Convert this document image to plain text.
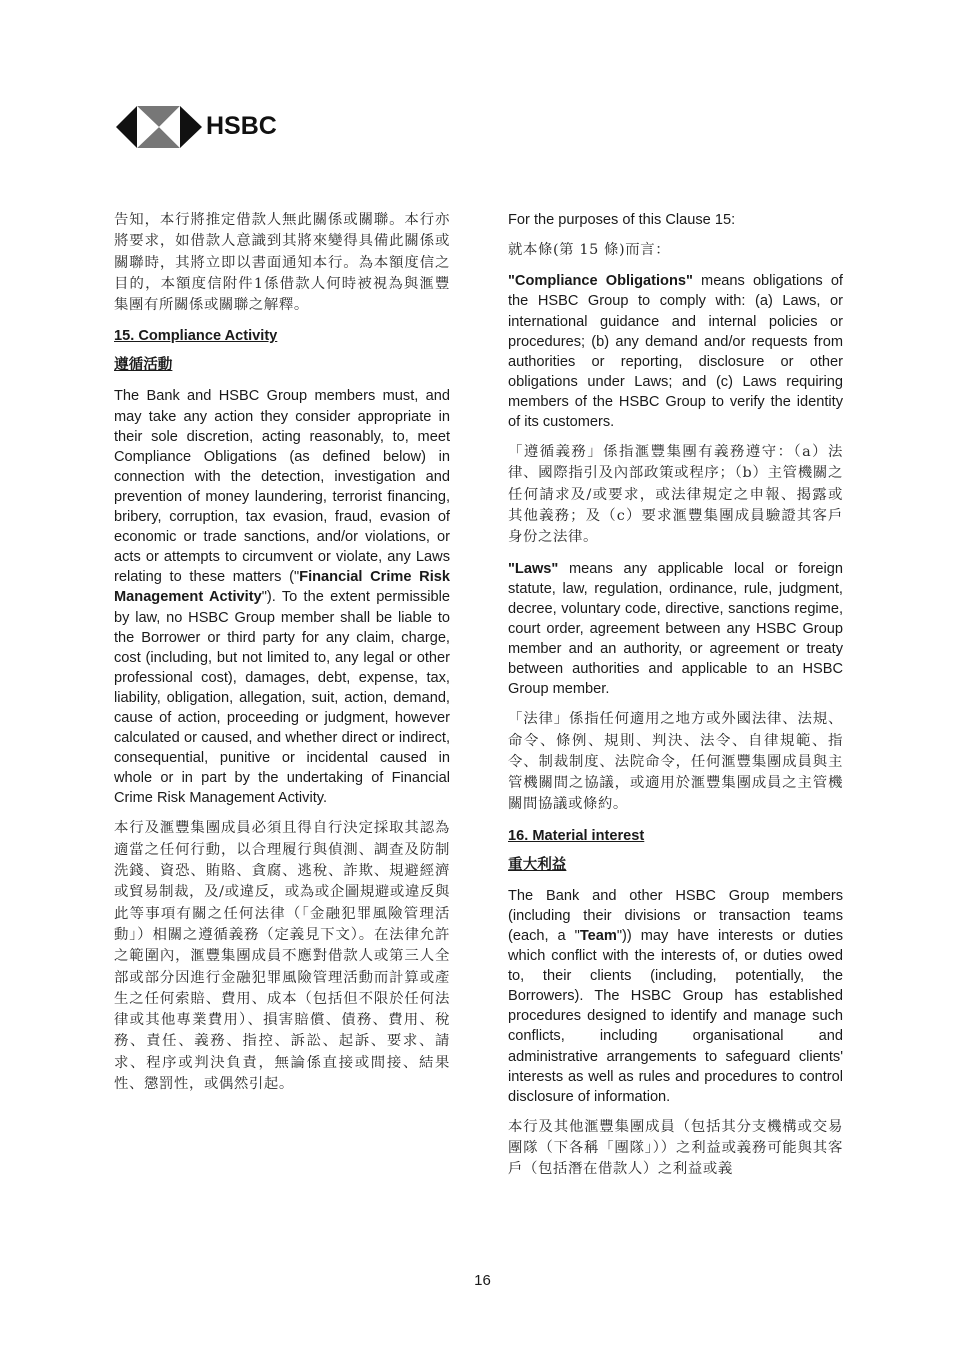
HSBC

告知，本行將推定借款人無此關係或關聯。本行亦將要求，如借款人意識到其將來變得具備此關係或關聯時，其將立即以書面通知本行。為本額度信之目的，本額度信附件1係借款人何時被視為與滙豐集團有所關係或關聯之解釋。

15. Compliance Activity

遵循活動

The Bank and HSBC Group members must, and may take any action they consider appropriate in their sole discretion, acting reasonably, to, meet Compliance Obligations (as defined below) in connection with the detection, investigation and prevention of money laundering, terrorist financing, bribery, corruption, tax evasion, fraud, evasion of economic or trade sanctions, and/or violations, or acts or attempts to circumvent or violate, any Laws relating to these matters ("Financial Crime Risk Management Activity"). To the extent permissible by law, no HSBC Group member shall be liable to the Borrower or third party for any claim, charge, cost (including, but not limited to, any legal or other professional cost), damages, debt, expense, tax, liability, obligation, allegation, suit, action, demand, cause of action, proceeding or judgment, however calculated or caused, and whether direct or indirect, consequential, punitive or incidental caused in whole or in part by the undertaking of Financial Crime Risk Management Activity.

本行及滙豐集團成員必須且得自行決定採取其認為適當之任何行動，以合理履行與偵測、調查及防制洗錢、資恐、賄賂、貪腐、逃稅、詐欺、規避經濟或貿易制裁，及/或違反，或為或企圖規避或違反與此等事項有關之任何法律（「金融犯罪風險管理活動」）相關之遵循義務（定義見下文）。在法律允許之範圍內，滙豐集團成員不應對借款人或第三人全部或部分因進行金融犯罪風險管理活動而計算或產生之任何索賠、費用、成本（包括但不限於任何法律或其他專業費用）、損害賠償、債務、費用、稅務、責任、義務、指控、訴訟、起訴、要求、請求、程序或判決負責，無論係直接或間接、結果性、懲罰性，或偶然引起。

For the purposes of this Clause 15:

就本條(第 15 條)而言：

"Compliance Obligations" means obligations of the HSBC Group to comply with: (a) Laws, or international guidance and internal policies or procedures; (b) any demand and/or requests from authorities or reporting, disclosure or other obligations under Laws; and (c) Laws requiring members of the HSBC Group to verify the identity of its customers.

「遵循義務」係指滙豐集團有義務遵守：（a）法律、國際指引及內部政策或程序；（b）主管機關之任何請求及/或要求，或法律規定之申報、揭露或其他義務；及（c）要求滙豐集團成員驗證其客戶身份之法律。

"Laws" means any applicable local or foreign statute, law, regulation, ordinance, rule, judgment, decree, voluntary code, directive, sanctions regime, court order, agreement between any HSBC Group member and an authority, or agreement or treaty between authorities and applicable to an HSBC Group member.

「法律」係指任何適用之地方或外國法律、法規、命令、條例、規則、判決、法令、自律規範、指令、制裁制度、法院命令，任何滙豐集團成員與主管機關間之協議，或適用於滙豐集團成員之主管機關間協議或條約。

16. Material interest

重大利益

The Bank and other HSBC Group members (including their divisions or transaction teams (each, a "Team")) may have interests or duties which conflict with the interests of, or duties owed to, their clients (including, potentially, the Borrowers). The HSBC Group has established procedures designed to identify and manage such conflicts, including organisational and administrative arrangements to safeguard clients' interests as well as rules and procedures to control disclosure of information.

本行及其他滙豐集團成員（包括其分支機構或交易團隊（下各稱「團隊」））之利益或義務可能與其客戶（包括潛在借款人）之利益或義

16
